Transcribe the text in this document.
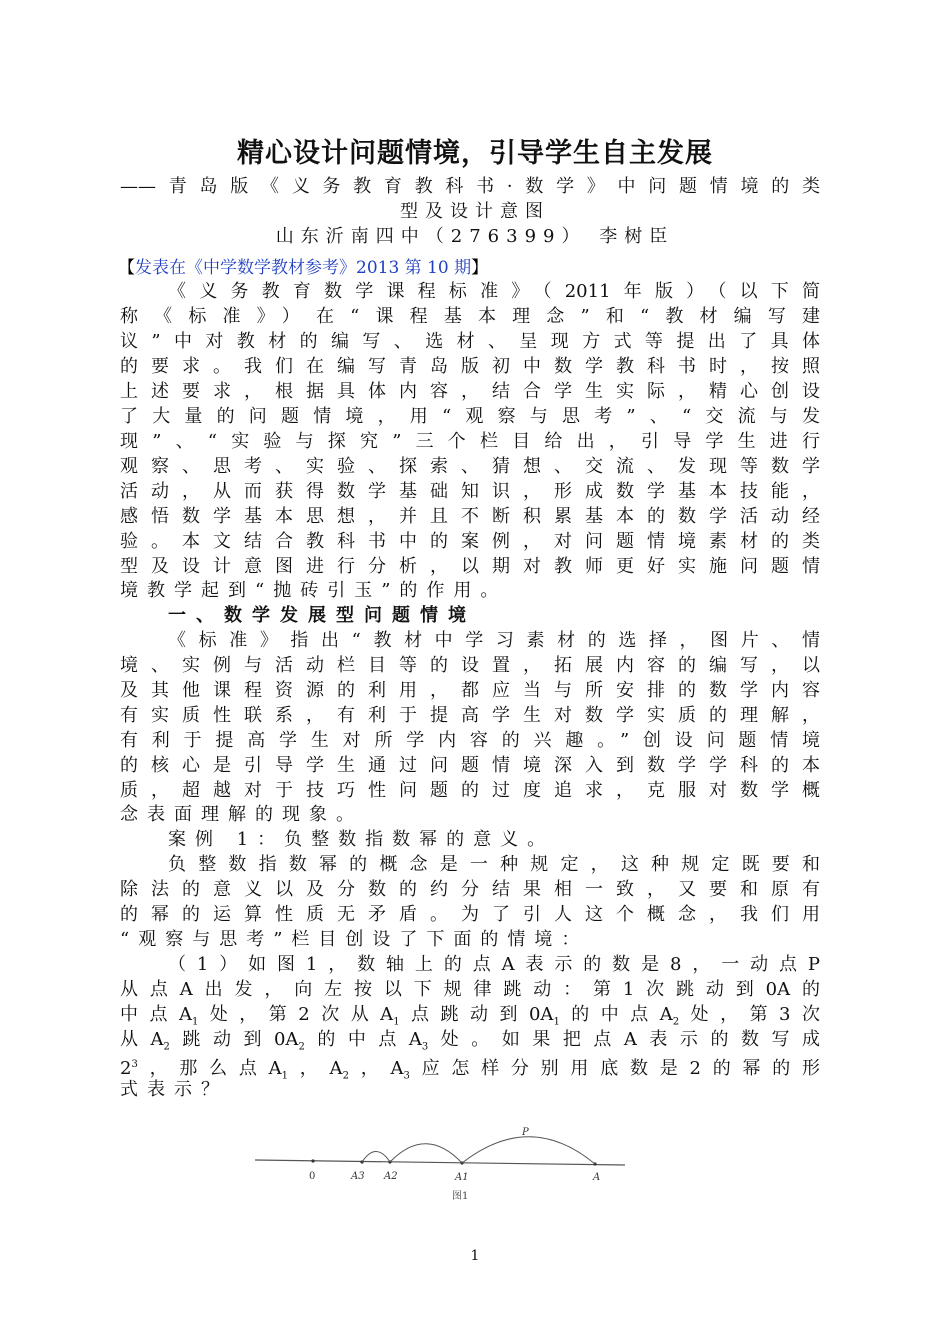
精心设计问题情境，引导学生自主发展
——青岛版《义务教育教科书·数学》中问题情境的类
型及设计意图
山东沂南四中（276399） 李树臣
【发表在《中学数学教材参考》2013 第 10 期】
《义务教育数学课程标准》（2011年版）（以下简
称《标准》）在“课程基本理念”和“教材编写建
议”中对教材的编写、选材、呈现方式等提出了具体
的要求。我们在编写青岛版初中数学教科书时，按照
上述要求，根据具体内容，结合学生实际，精心创设
了大量的问题情境，用“观察与思考”、“交流与发
现”、“实验与探究”三个栏目给出，引导学生进行
观察、思考、实验、探索、猜想、交流、发现等数学
活动，从而获得数学基础知识，形成数学基本技能，
感悟数学基本思想，并且不断积累基本的数学活动经
验。本文结合教科书中的案例，对问题情境素材的类
型及设计意图进行分析，以期对教师更好实施问题情
境教学起到“抛砖引玉”的作用。
一、数学发展型问题情境
《标准》指出“教材中学习素材的选择，图片、情
境、实例与活动栏目等的设置，拓展内容的编写，以
及其他课程资源的利用，都应当与所安排的数学内容
有实质性联系，有利于提高学生对数学实质的理解，
有利于提高学生对所学内容的兴趣。”创设问题情境
的核心是引导学生通过问题情境深入到数学学科的本
质，超越对于技巧性问题的过度追求，克服对数学概
念表面理解的现象。
案例 1：负整数指数幂的意义。
负整数指数幂的概念是一种规定，这种规定既要和
除法的意义以及分数的约分结果相一致，又要和原有
的幂的运算性质无矛盾。为了引人这个概念，我们用
“观察与思考”栏目创设了下面的情境：
（1）如图1，数轴上的点A表示的数是8，一动点P
从点A出发，向左按以下规律跳动：第1次跳动到0A的
中点$A_1$处，第2次从$A_1$点跳动到$0A_1$的中点$A_2$处，第3次
从$A_2$跳动到$0A_2$的中点$A_3$处。如果把点A表示的数写成
$2^3$，那么点$A_1$，$A_2$，$A_3$应怎样分别用底数是2的幂的形
式表示？
0	A3 A2	A1	A
P
图1
1
